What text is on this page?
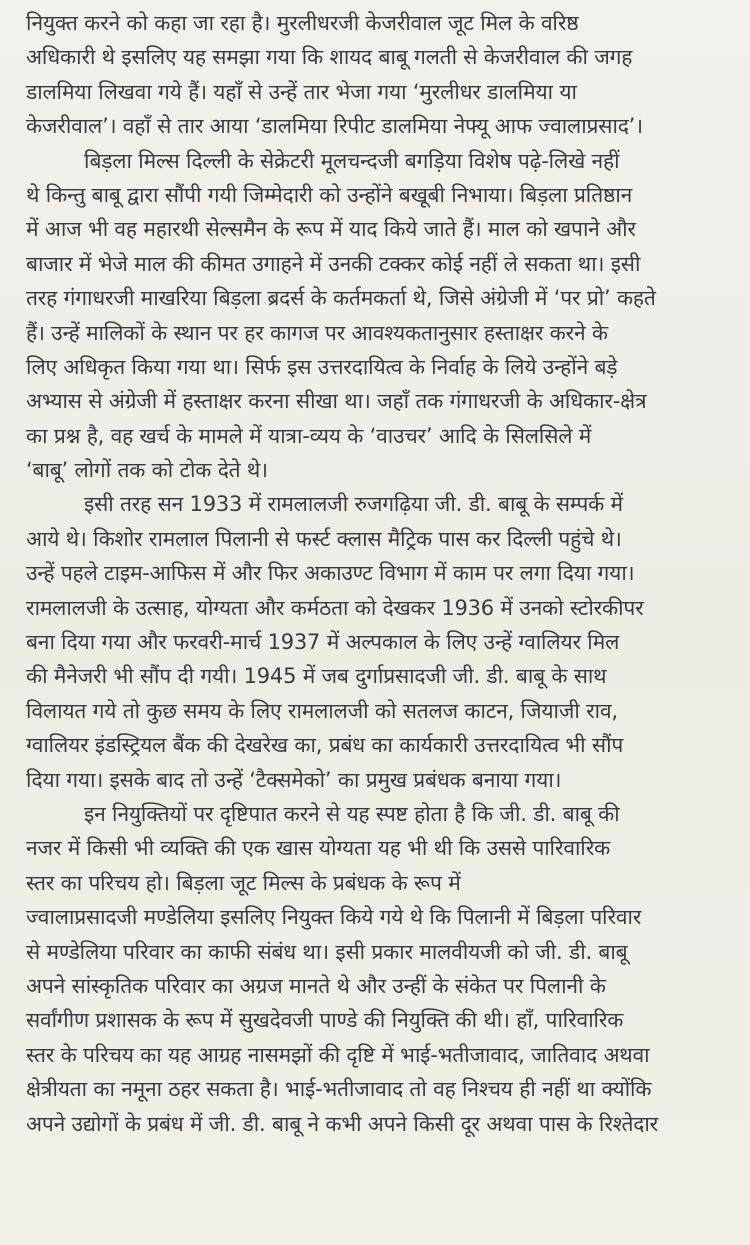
नियुक्त करने को कहा जा रहा है। मुरलीधरजी केजरीवाल जूट मिल के वरिष्ठ
अधिकारी थे इसलिए यह समझा गया कि शायद बाबू गलती से केजरीवाल की जगह
डालमिया लिखवा गये हैं। यहाँ से उन्हें तार भेजा गया ‘मुरलीधर डालमिया या
केजरीवाल’। वहाँ से तार आया ‘डालमिया रिपीट डालमिया नेफ्यू आफ ज्वालाप्रसाद’।
बिड़ला मिल्स दिल्ली के सेक्रेटरी मूलचन्दजी बगड़िया विशेष पढ़े-लिखे नहीं
थे किन्तु बाबू द्वारा सौंपी गयी जिम्मेदारी को उन्होंने बखूबी निभाया। बिड़ला प्रतिष्ठान
में आज भी वह महारथी सेल्समैन के रूप में याद किये जाते हैं। माल को खपाने और
बाजार में भेजे माल की कीमत उगाहने में उनकी टक्कर कोई नहीं ले सकता था। इसी
तरह गंगाधरजी माखरिया बिड़ला ब्रदर्स के कर्तमकर्ता थे, जिसे अंग्रेजी में ‘पर प्रो’ कहते
हैं। उन्हें मालिकों के स्थान पर हर कागज पर आवश्यकतानुसार हस्ताक्षर करने के
लिए अधिकृत किया गया था। सिर्फ इस उत्तरदायित्व के निर्वाह के लिये उन्होंने बड़े
अभ्यास से अंग्रेजी में हस्ताक्षर करना सीखा था। जहाँ तक गंगाधरजी के अधिकार-क्षेत्र
का प्रश्न है, वह खर्च के मामले में यात्रा-व्यय के ‘वाउचर’ आदि के सिलसिले में
‘बाबू’ लोगों तक को टोक देते थे।
इसी तरह सन 1933 में रामलालजी रुजगढ़िया जी. डी. बाबू के सम्पर्क में
आये थे। किशोर रामलाल पिलानी से फर्स्ट क्लास मैट्रिक पास कर दिल्ली पहुंचे थे।
उन्हें पहले टाइम-आफिस में और फिर अकाउण्ट विभाग में काम पर लगा दिया गया।
रामलालजी के उत्साह, योग्यता और कर्मठता को देखकर 1936 में उनको स्टोरकीपर
बना दिया गया और फरवरी-मार्च 1937 में अल्पकाल के लिए उन्हें ग्वालियर मिल
की मैनेजरी भी सौंप दी गयी। 1945 में जब दुर्गाप्रसादजी जी. डी. बाबू के साथ
विलायत गये तो कुछ समय के लिए रामलालजी को सतलज काटन, जियाजी राव,
ग्वालियर इंडस्ट्रियल बैंक की देखरेख का, प्रबंध का कार्यकारी उत्तरदायित्व भी सौंप
दिया गया। इसके बाद तो उन्हें ‘टैक्समेको’ का प्रमुख प्रबंधक बनाया गया।
इन नियुक्तियों पर दृष्टिपात करने से यह स्पष्ट होता है कि जी. डी. बाबू की
नजर में किसी भी व्यक्ति की एक खास योग्यता यह भी थी कि उससे पारिवारिक
स्तर का परिचय हो। बिड़ला जूट मिल्स के प्रबंधक के रूप में
ज्वालाप्रसादजी मण्डेलिया इसलिए नियुक्त किये गये थे कि पिलानी में बिड़ला परिवार
से मण्डेलिया परिवार का काफी संबंध था। इसी प्रकार मालवीयजी को जी. डी. बाबू
अपने सांस्कृतिक परिवार का अग्रज मानते थे और उन्हीं के संकेत पर पिलानी के
सर्वांगीण प्रशासक के रूप में सुखदेवजी पाण्डे की नियुक्ति की थी। हाँ, पारिवारिक
स्तर के परिचय का यह आग्रह नासमझों की दृष्टि में भाई-भतीजावाद, जातिवाद अथवा
क्षेत्रीयता का नमूना ठहर सकता है। भाई-भतीजावाद तो वह निश्चय ही नहीं था क्योंकि
अपने उद्योगों के प्रबंध में जी. डी. बाबू ने कभी अपने किसी दूर अथवा पास के रिश्तेदार
